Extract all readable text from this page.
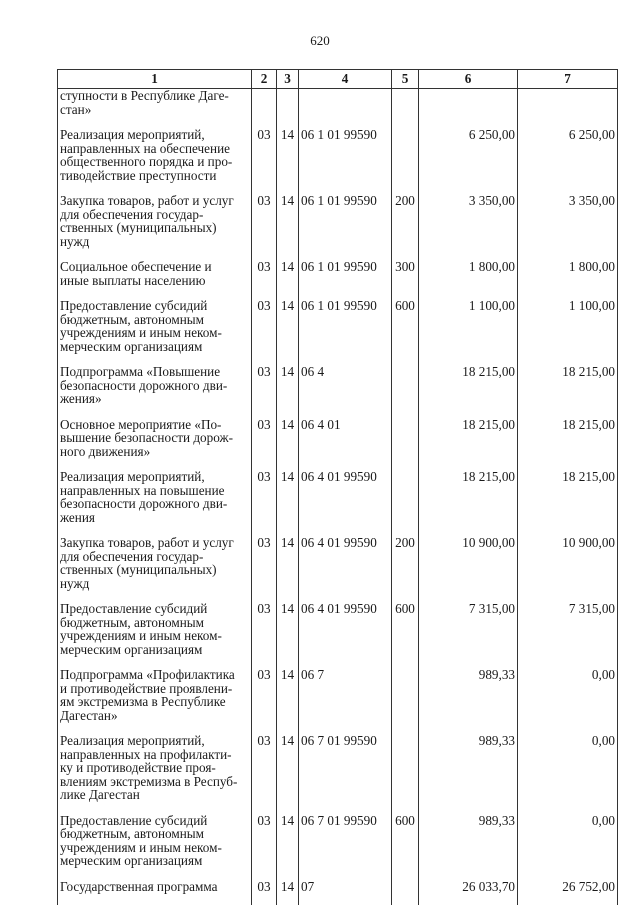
620
1	2	3	4	5	6	7

ступности в Республике Даге-
стан»						

Реализация мероприятий,
направленных на обеспечение
общественного порядка и про-
тиводействие преступности	03	14	06 1 01 99590		6 250,00	6 250,00

Закупка товаров, работ и услуг
для обеспечения государ-
ственных (муниципальных)
нужд	03	14	06 1 01 99590	200	3 350,00	3 350,00

Социальное обеспечение и
иные выплаты населению	03	14	06 1 01 99590	300	1 800,00	1 800,00

Предоставление субсидий
бюджетным, автономным
учреждениям и иным неком-
мерческим организациям	03	14	06 1 01 99590	600	1 100,00	1 100,00

Подпрограмма «Повышение
безопасности дорожного дви-
жения»	03	14	06 4		18 215,00	18 215,00

Основное мероприятие «По-
вышение безопасности дорож-
ного движения»	03	14	06 4 01		18 215,00	18 215,00

Реализация мероприятий,
направленных на повышение
безопасности дорожного дви-
жения	03	14	06 4 01 99590		18 215,00	18 215,00

Закупка товаров, работ и услуг
для обеспечения государ-
ственных (муниципальных)
нужд	03	14	06 4 01 99590	200	10 900,00	10 900,00

Предоставление субсидий
бюджетным, автономным
учреждениям и иным неком-
мерческим организациям	03	14	06 4 01 99590	600	7 315,00	7 315,00

Подпрограмма «Профилактика
и противодействие проявлени-
ям экстремизма в Республике
Дагестан»	03	14	06 7		989,33	0,00

Реализация мероприятий,
направленных на профилакти-
ку и противодействие проя-
влениям экстремизма в Респуб-
лике Дагестан	03	14	06 7 01 99590		989,33	0,00

Предоставление субсидий
бюджетным, автономным
учреждениям и иным неком-
мерческим организациям	03	14	06 7 01 99590	600	989,33	0,00

Государственная программа	03	14	07		26 033,70	26 752,00
